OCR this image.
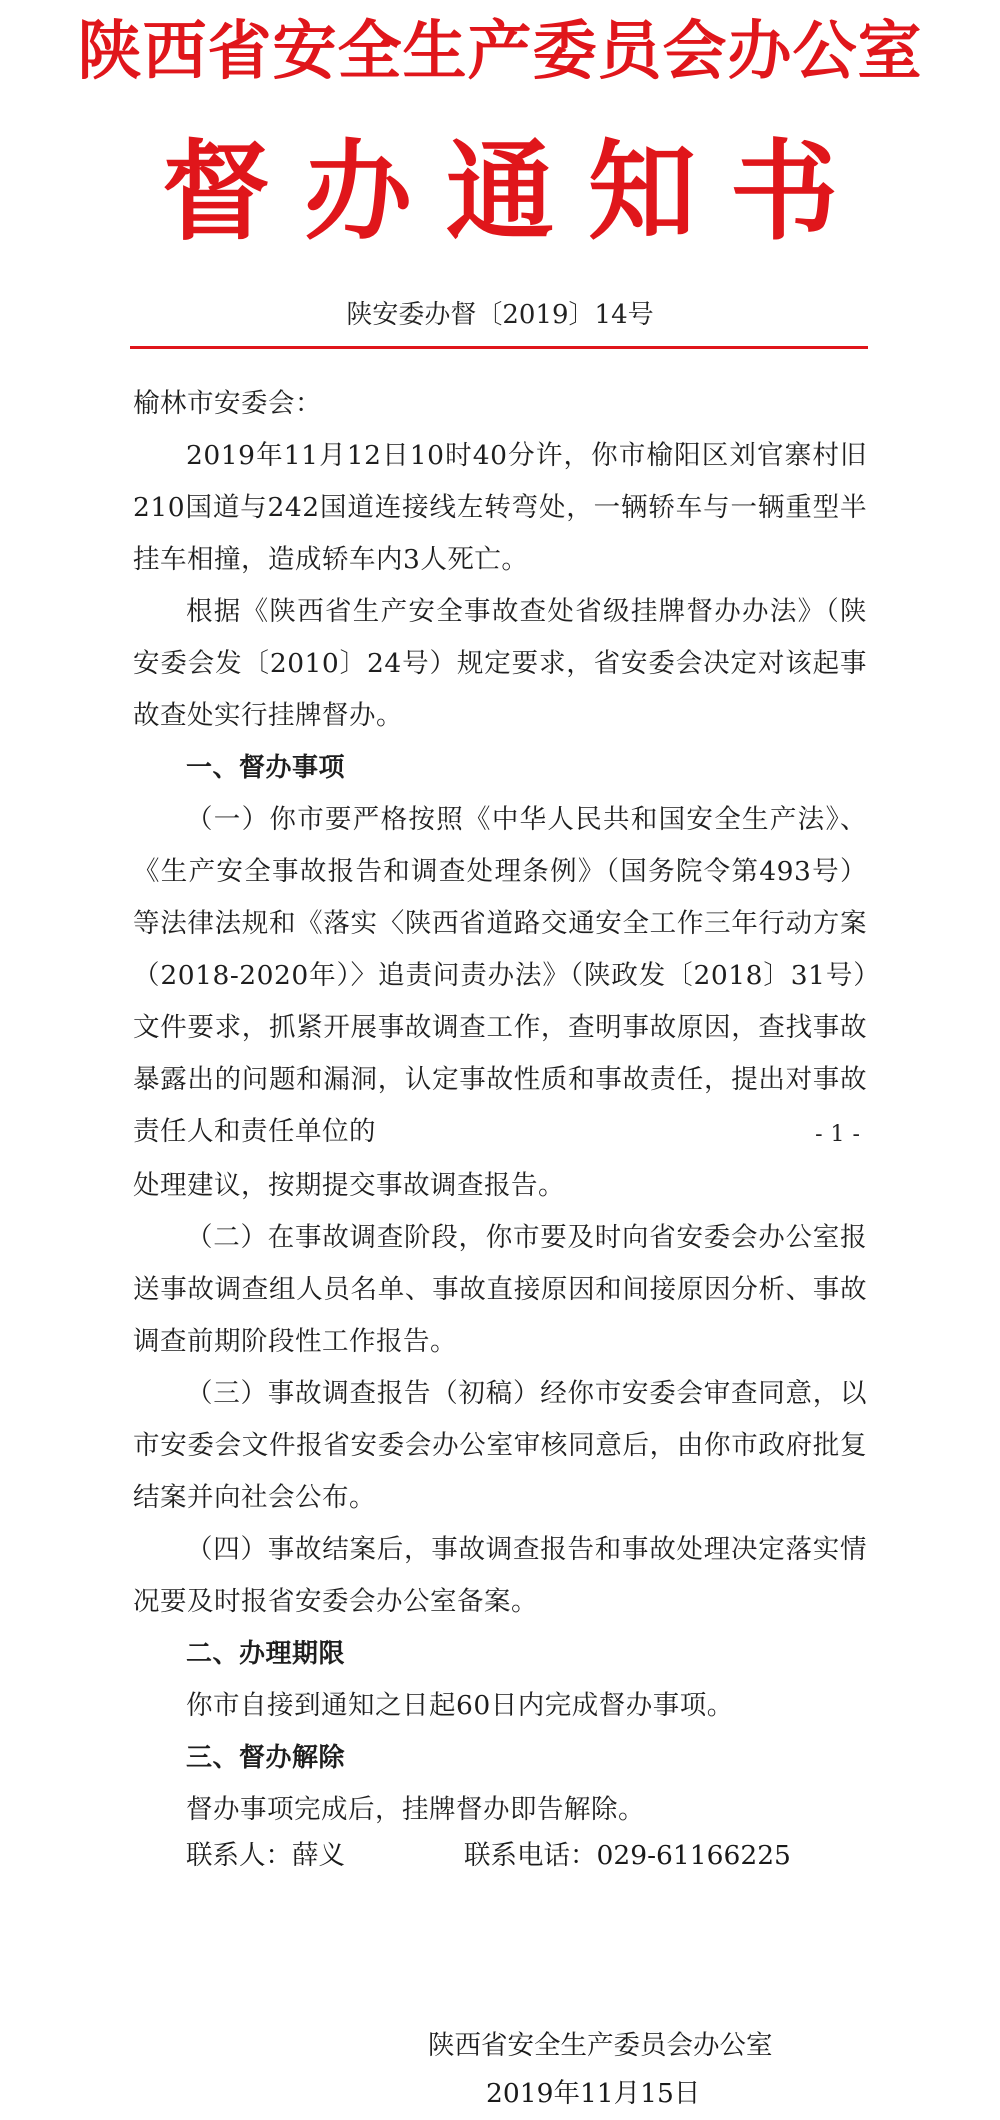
陕西省安全生产委员会办公室
督办通知书
陕安委办督〔2019〕14号

榆林市安委会：

2019年11月12日10时40分许，你市榆阳区刘官寨村旧210国道与242国道连接线左转弯处，一辆轿车与一辆重型半挂车相撞，造成轿车内3人死亡。

根据《陕西省生产安全事故查处省级挂牌督办办法》（陕安委会发〔2010〕24号）规定要求，省安委会决定对该起事故查处实行挂牌督办。

一、督办事项

（一）你市要严格按照《中华人民共和国安全生产法》、《生产安全事故报告和调查处理条例》（国务院令第493号）等法律法规和《落实〈陕西省道路交通安全工作三年行动方案（2018-2020年）〉追责问责办法》（陕政发〔2018〕31号）文件要求，抓紧开展事故调查工作，查明事故原因，查找事故暴露出的问题和漏洞，认定事故性质和事故责任，提出对事故责任人和责任单位的	-1-

处理建议，按期提交事故调查报告。

（二）在事故调查阶段，你市要及时向省安委会办公室报送事故调查组人员名单、事故直接原因和间接原因分析、事故调查前期阶段性工作报告。

（三）事故调查报告（初稿）经你市安委会审查同意，以市安委会文件报省安委会办公室审核同意后，由你市政府批复结案并向社会公布。

（四）事故结案后，事故调查报告和事故处理决定落实情况要及时报省安委会办公室备案。

二、办理期限

你市自接到通知之日起60日内完成督办事项。

三、督办解除

督办事项完成后，挂牌督办即告解除。

联系人：薛义	联系电话：029-61166225
陕西省安全生产委员会办公室
2019年11月15日
